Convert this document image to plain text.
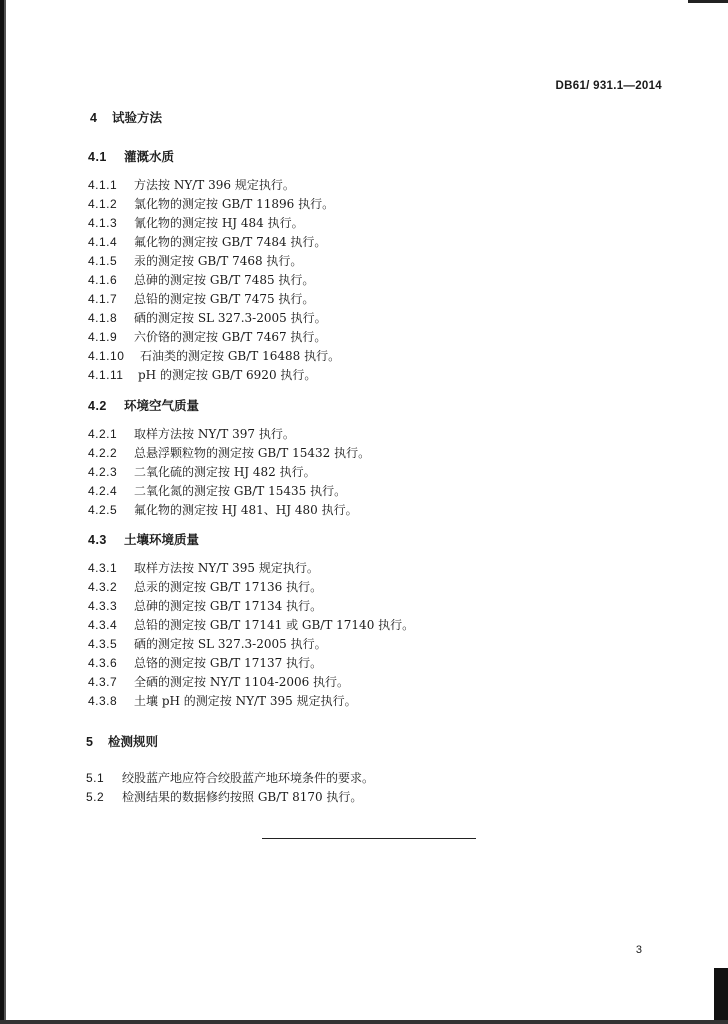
DB61/ 931.1—2014
4 试验方法
4.1 灌溉水质
4.1.1 方法按 NY/T 396 规定执行。
4.1.2 氯化物的测定按 GB/T 11896 执行。
4.1.3 氰化物的测定按 HJ 484 执行。
4.1.4 氟化物的测定按 GB/T 7484 执行。
4.1.5 汞的测定按 GB/T 7468 执行。
4.1.6 总砷的测定按 GB/T 7485 执行。
4.1.7 总铅的测定按 GB/T 7475 执行。
4.1.8 硒的测定按 SL 327.3-2005 执行。
4.1.9 六价铬的测定按 GB/T 7467 执行。
4.1.10 石油类的测定按 GB/T 16488 执行。
4.1.11 pH 的测定按 GB/T 6920 执行。
4.2 环境空气质量
4.2.1 取样方法按 NY/T 397 执行。
4.2.2 总悬浮颗粒物的测定按 GB/T 15432 执行。
4.2.3 二氧化硫的测定按 HJ 482 执行。
4.2.4 二氧化氮的测定按 GB/T 15435 执行。
4.2.5 氟化物的测定按 HJ 481、HJ 480 执行。
4.3 土壤环境质量
4.3.1 取样方法按 NY/T 395 规定执行。
4.3.2 总汞的测定按 GB/T 17136 执行。
4.3.3 总砷的测定按 GB/T 17134 执行。
4.3.4 总铅的测定按 GB/T 17141 或 GB/T 17140 执行。
4.3.5 硒的测定按 SL 327.3-2005 执行。
4.3.6 总铬的测定按 GB/T 17137 执行。
4.3.7 全硒的测定按 NY/T 1104-2006 执行。
4.3.8 土壤 pH 的测定按 NY/T 395 规定执行。
5 检测规则
5.1 绞股蓝产地应符合绞股蓝产地环境条件的要求。
5.2 检测结果的数据修约按照 GB/T 8170 执行。
3
